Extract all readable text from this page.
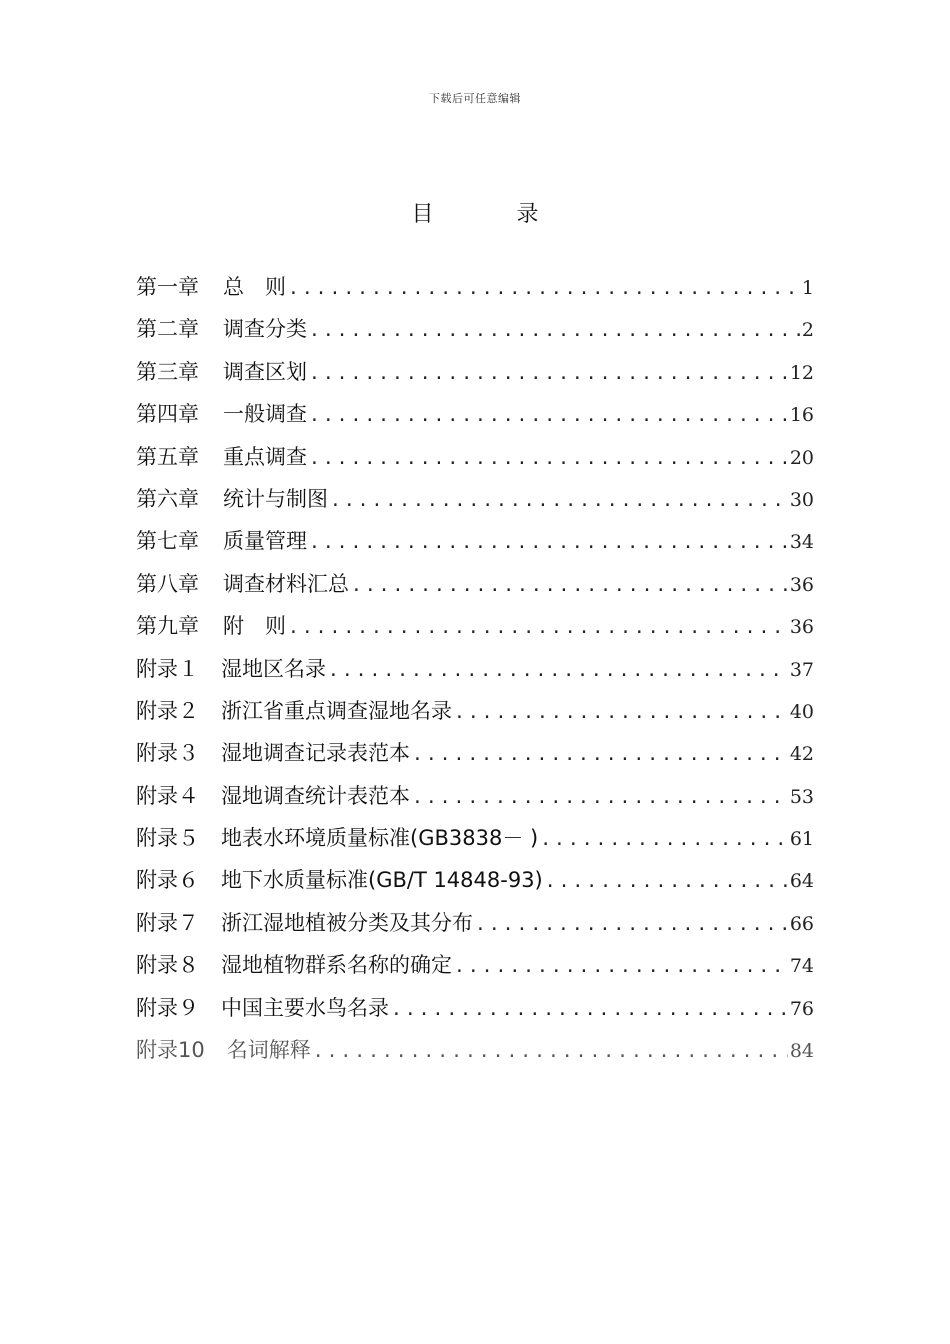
下载后可任意编辑
目 录
第一章 总　则 .....	1
第二章 调查分类 .....	2
第三章 调查区划 .....	12
第四章 一般调查 .....	16
第五章 重点调查 .....	20
第六章 统计与制图 .....	30
第七章 质量管理 .....	34
第八章 调查材料汇总 .....	36
第九章 附　则 .....	36
附录１ 湿地区名录 .....	37
附录２ 浙江省重点调查湿地名录 .....	40
附录３ 湿地调查记录表范本 .....	42
附录４ 湿地调查统计表范本 .....	53
附录５ 地表水环境质量标准(GB3838－ ) .....	61
附录６ 地下水质量标准(GB/T 14848-93) .....	64
附录７ 浙江湿地植被分类及其分布 .....	66
附录８ 湿地植物群系名称的确定 .....	74
附录９ 中国主要水鸟名录 .....	76
附录10 名词解释 .....	84
